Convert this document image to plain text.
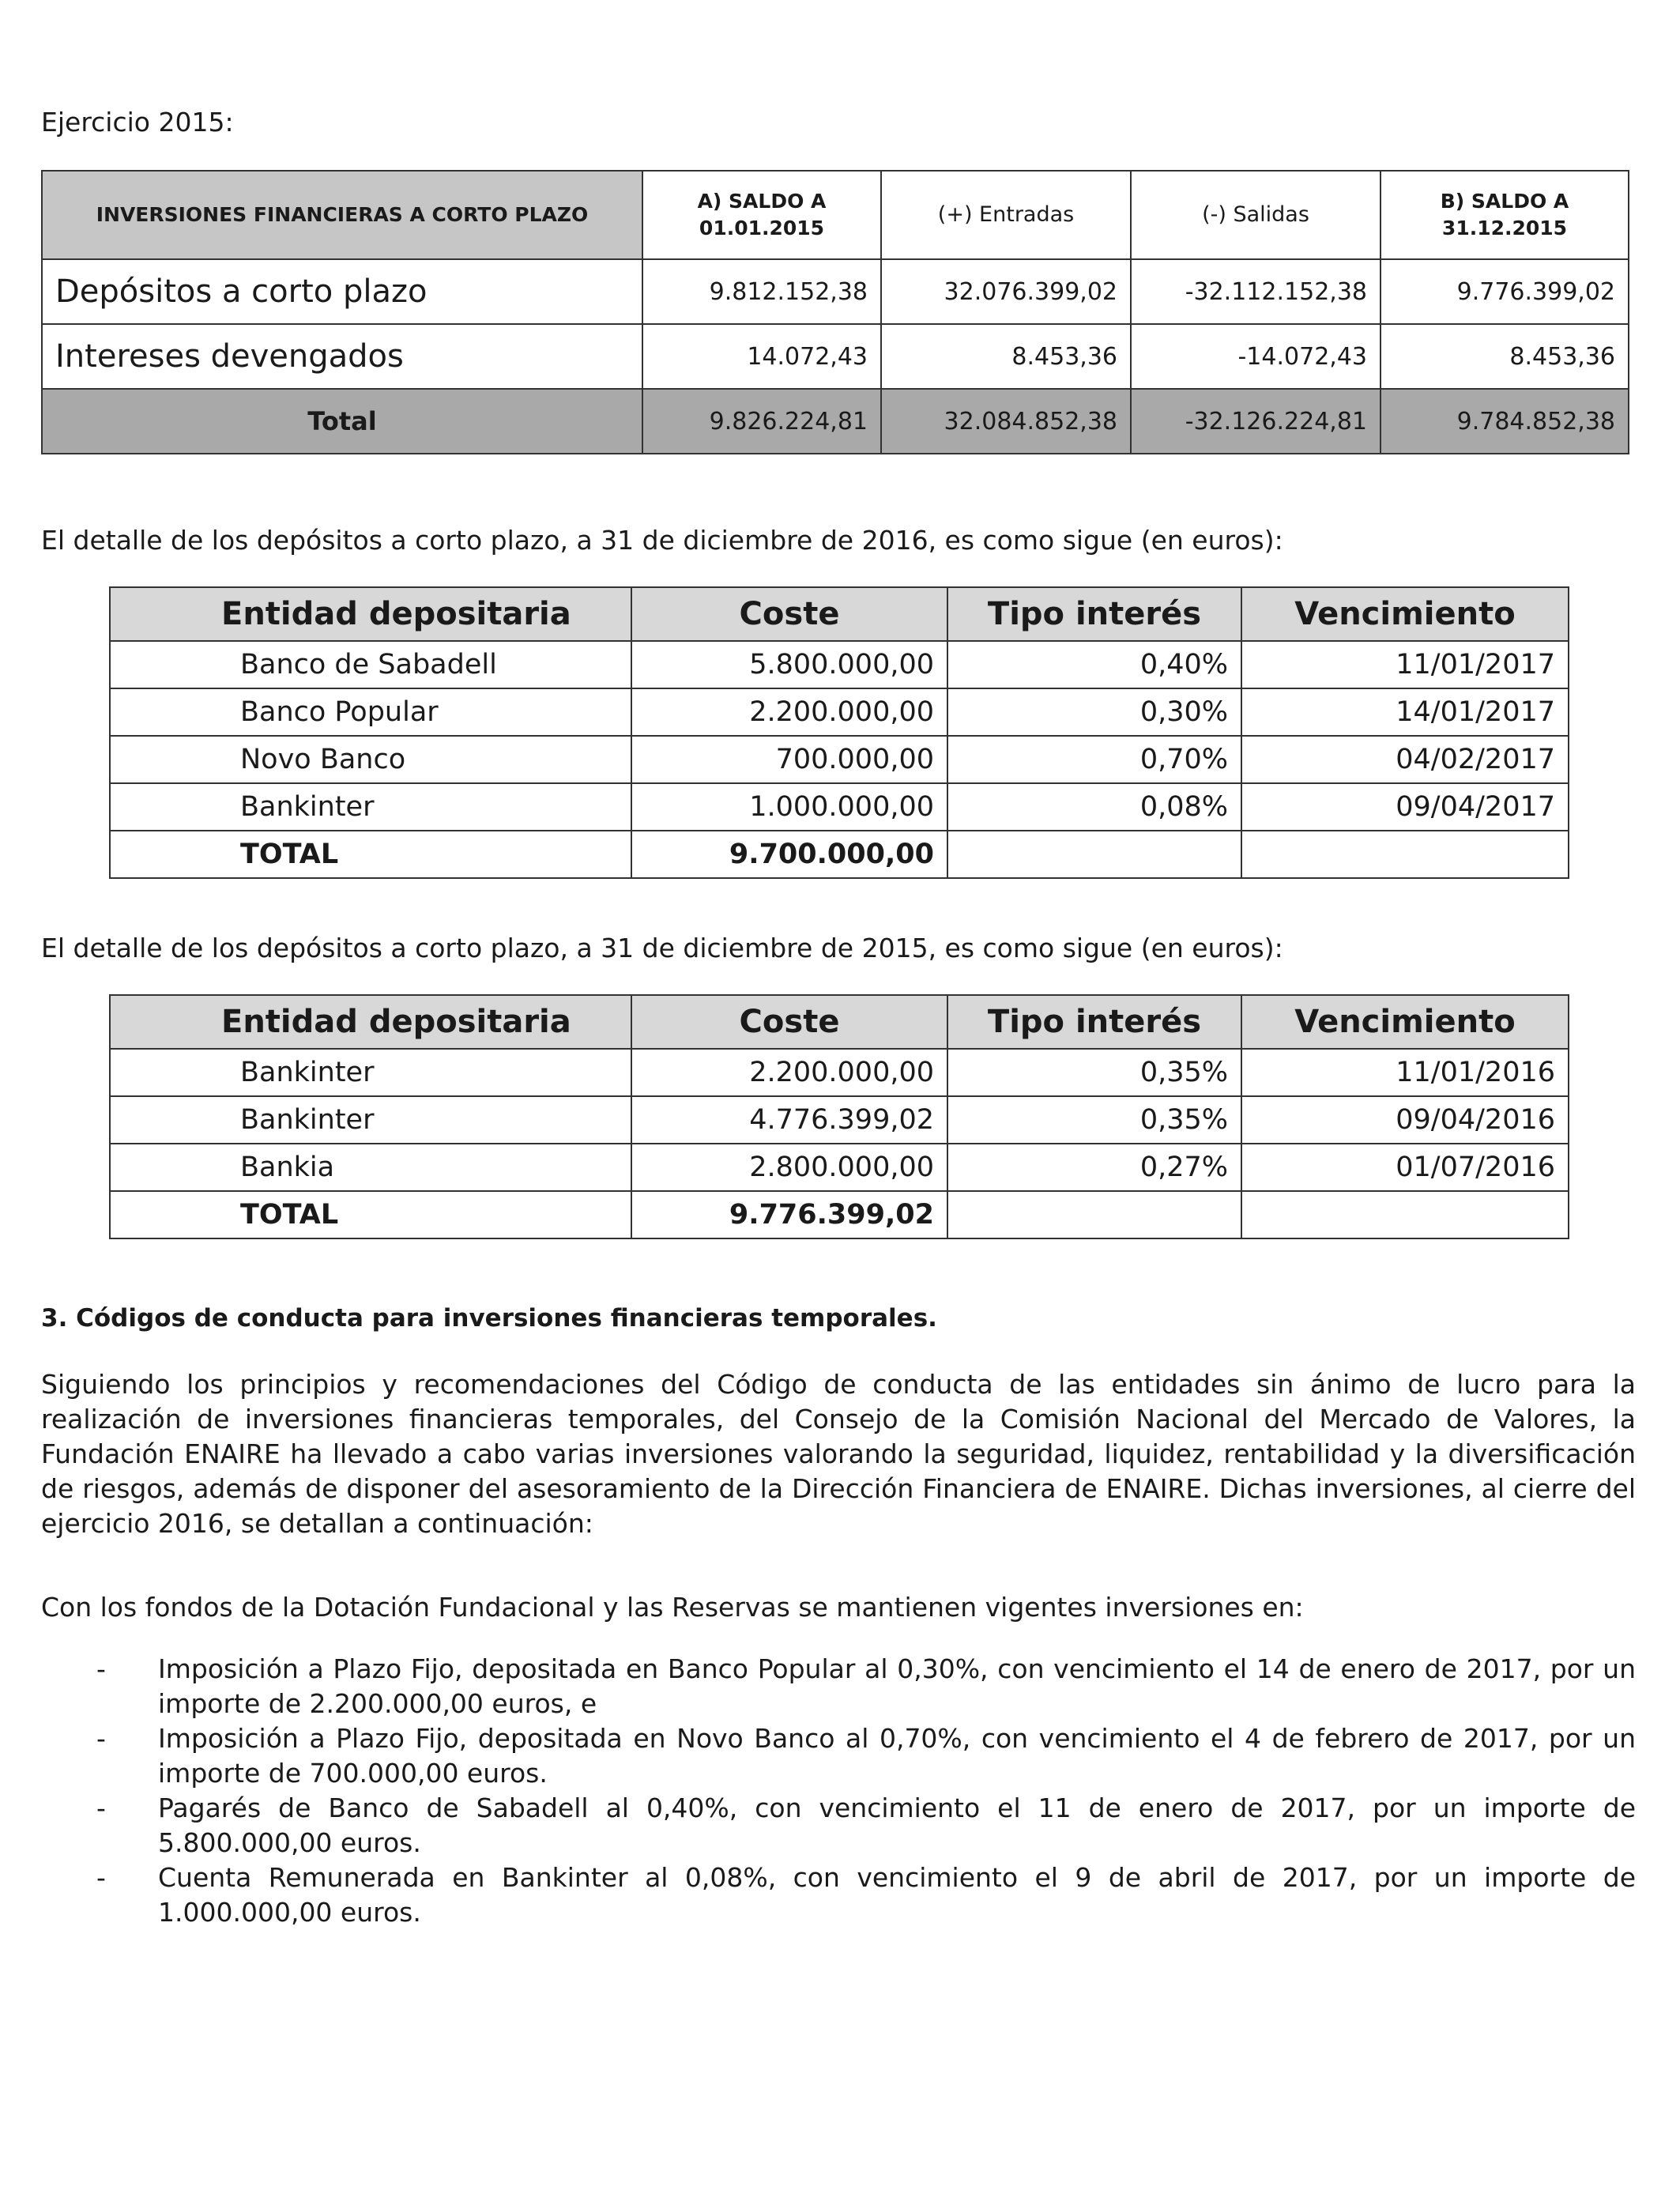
Ejercicio 2015:

INVERSIONES FINANCIERAS A CORTO PLAZO	A) SALDO A 01.01.2015	(+) Entradas	(-) Salidas	B) SALDO A 31.12.2015
Depósitos a corto plazo	9.812.152,38	32.076.399,02	-32.112.152,38	9.776.399,02
Intereses devengados	14.072,43	8.453,36	-14.072,43	8.453,36
Total	9.826.224,81	32.084.852,38	-32.126.224,81	9.784.852,38

El detalle de los depósitos a corto plazo, a 31 de diciembre de 2016, es como sigue (en euros):

Entidad depositaria	Coste	Tipo interés	Vencimiento
Banco de Sabadell	5.800.000,00	0,40%	11/01/2017
Banco Popular	2.200.000,00	0,30%	14/01/2017
Novo Banco	700.000,00	0,70%	04/02/2017
Bankinter	1.000.000,00	0,08%	09/04/2017
TOTAL	9.700.000,00		

El detalle de los depósitos a corto plazo, a 31 de diciembre de 2015, es como sigue (en euros):

Entidad depositaria	Coste	Tipo interés	Vencimiento
Bankinter	2.200.000,00	0,35%	11/01/2016
Bankinter	4.776.399,02	0,35%	09/04/2016
Bankia	2.800.000,00	0,27%	01/07/2016
TOTAL	9.776.399,02		

3. Códigos de conducta para inversiones financieras temporales.

Siguiendo los principios y recomendaciones del Código de conducta de las entidades sin ánimo de lucro para la realización de inversiones financieras temporales, del Consejo de la Comisión Nacional del Mercado de Valores, la Fundación ENAIRE ha llevado a cabo varias inversiones valorando la seguridad, liquidez, rentabilidad y la diversificación de riesgos, además de disponer del asesoramiento de la Dirección Financiera de ENAIRE. Dichas inversiones, al cierre del ejercicio 2016, se detallan a continuación:

Con los fondos de la Dotación Fundacional y las Reservas se mantienen vigentes inversiones en:

- Imposición a Plazo Fijo, depositada en Banco Popular al 0,30%, con vencimiento el 14 de enero de 2017, por un importe de 2.200.000,00 euros, e
- Imposición a Plazo Fijo, depositada en Novo Banco al 0,70%, con vencimiento el 4 de febrero de 2017, por un importe de 700.000,00 euros.
- Pagarés de Banco de Sabadell al 0,40%, con vencimiento el 11 de enero de 2017, por un importe de 5.800.000,00 euros.
- Cuenta Remunerada en Bankinter al 0,08%, con vencimiento el 9 de abril de 2017, por un importe de 1.000.000,00 euros.
